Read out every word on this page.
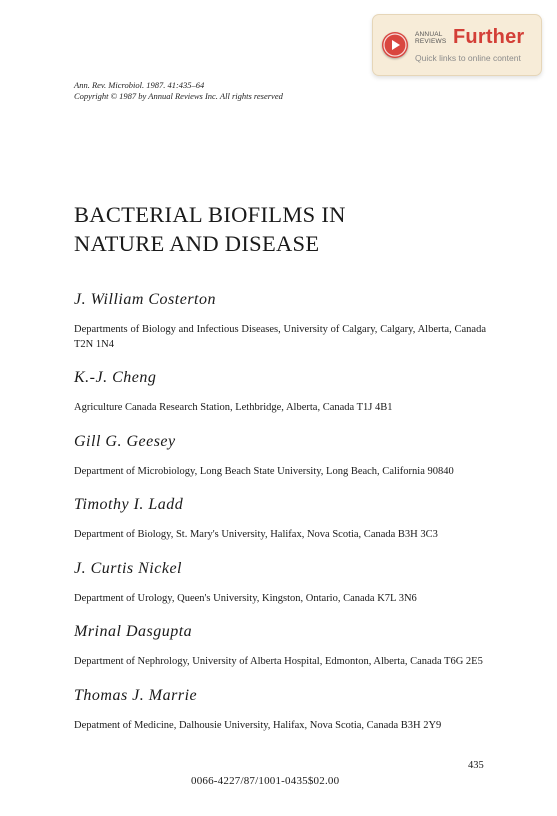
ANNUAL
REVIEWS Further
Quick links to online content
Ann. Rev. Microbiol. 1987. 41:435–64
Copyright © 1987 by Annual Reviews Inc. All rights reserved
BACTERIAL BIOFILMS IN
NATURE AND DISEASE

J. William Costerton

Departments of Biology and Infectious Diseases, University of Calgary, Calgary, Alberta, Canada T2N 1N4

K.-J. Cheng

Agriculture Canada Research Station, Lethbridge, Alberta, Canada T1J 4B1

Gill G. Geesey

Department of Microbiology, Long Beach State University, Long Beach, California 90840

Timothy I. Ladd

Department of Biology, St. Mary's University, Halifax, Nova Scotia, Canada B3H 3C3

J. Curtis Nickel

Department of Urology, Queen's University, Kingston, Ontario, Canada K7L 3N6

Mrinal Dasgupta

Department of Nephrology, University of Alberta Hospital, Edmonton, Alberta, Canada T6G 2E5

Thomas J. Marrie

Depatment of Medicine, Dalhousie University, Halifax, Nova Scotia, Canada B3H 2Y9

435
0066-4227/87/1001-0435$02.00
